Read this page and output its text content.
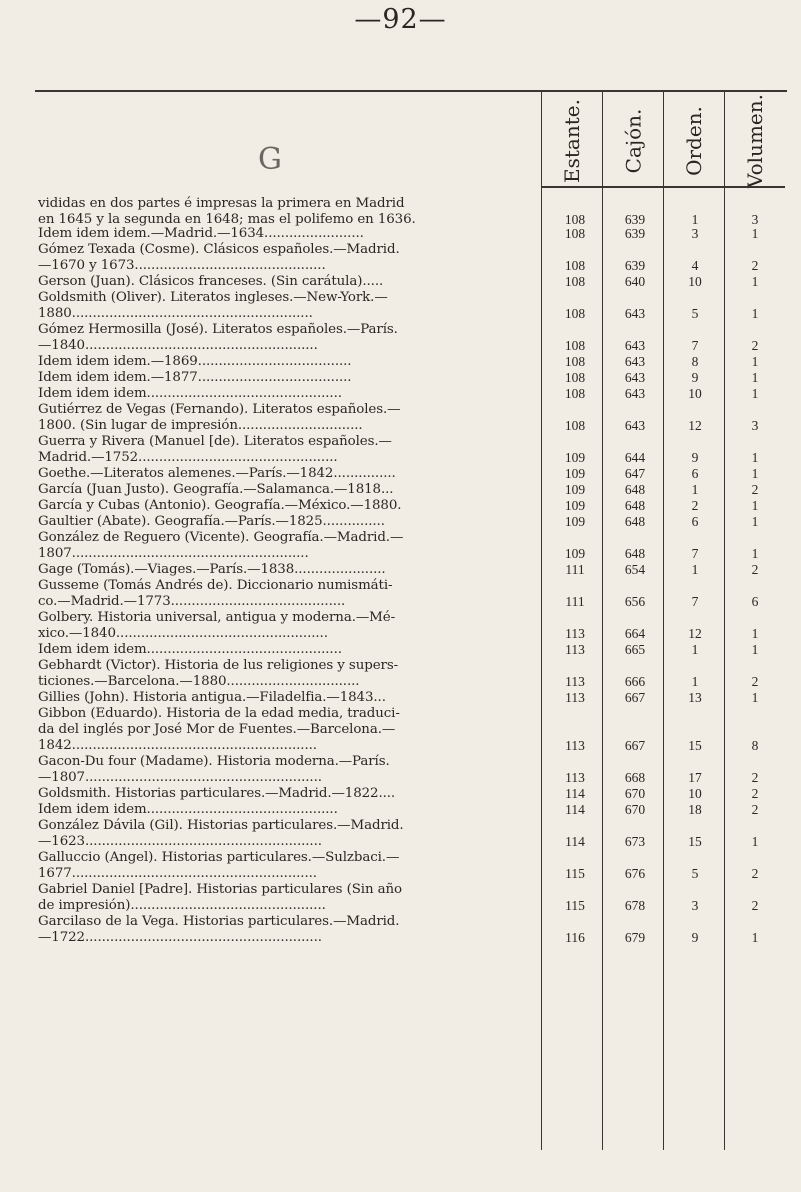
—92—
G	Estante. Cajón. Orden. Volumen.
vididas en dos partes é impresas la primera en Madrid
en 1645 y la segunda en 1648; mas el polifemo en 1636.	108	639	1	3
Idem idem idem.—Madrid.—1634........................	108	639	3	1
Gómez Texada (Cosme). Clásicos españoles.—Madrid.
—1670 y 1673..............................................	108	639	4	2
Gerson (Juan). Clásicos franceses. (Sin carátula).....	108	640	10	1
Goldsmith (Oliver). Literatos ingleses.—New-York.—
1880..........................................................	108	643	5	1
Gómez Hermosilla (José). Literatos españoles.—París.
—1840........................................................	108	643	7	2
Idem idem idem.—1869.....................................	108	643	8	1
Idem idem idem.—1877.....................................	108	643	9	1
Idem idem idem...............................................	108	643	10	1
Gutiérrez de Vegas (Fernando). Literatos españoles.—
1800. (Sin lugar de impresión..............................	108	643	12	3
Guerra y Rivera (Manuel [de). Literatos españoles.—
Madrid.—1752................................................	109	644	9	1
Goethe.—Literatos alemenes.—París.—1842...............	109	647	6	1
García (Juan Justo). Geografía.—Salamanca.—1818...	109	648	1	2
García y Cubas (Antonio). Geografía.—México.—1880.	109	648	2	1
Gaultier (Abate). Geografía.—París.—1825...............	109	648	6	1
González de Reguero (Vicente). Geografía.—Madrid.—
1807.........................................................	109	648	7	1
Gage (Tomás).—Viages.—París.—1838......................	111	654	1	2
Gusseme (Tomás Andrés de). Diccionario numismáti-
co.—Madrid.—1773..........................................	111	656	7	6
Golbery. Historia universal, antigua y moderna.—Mé-
xico.—1840...................................................	113	664	12	1
Idem idem idem...............................................	113	665	1	1
Gebhardt (Victor). Historia de lus religiones y supers-
ticiones.—Barcelona.—1880................................	113	666	1	2
Gillies (John). Historia antigua.—Filadelfia.—1843...	113	667	13	1
Gibbon (Eduardo). Historia de la edad media, traduci-
da del inglés por José Mor de Fuentes.—Barcelona.—
1842...........................................................	113	667	15	8
Gacon-Du four (Madame). Historia moderna.—París.
—1807.........................................................	113	668	17	2
Goldsmith. Historias particulares.—Madrid.—1822....	114	670	10	2
Idem idem idem..............................................	114	670	18	2
González Dávila (Gil). Historias particulares.—Madrid.
—1623.........................................................	114	673	15	1
Galluccio (Angel). Historias particulares.—Sulzbaci.—
1677...........................................................	115	676	5	2
Gabriel Daniel [Padre]. Historias particulares (Sin año
de impresión)...............................................	115	678	3	2
Garcilaso de la Vega. Historias particulares.—Madrid.
—1722.........................................................	116	679	9	1
